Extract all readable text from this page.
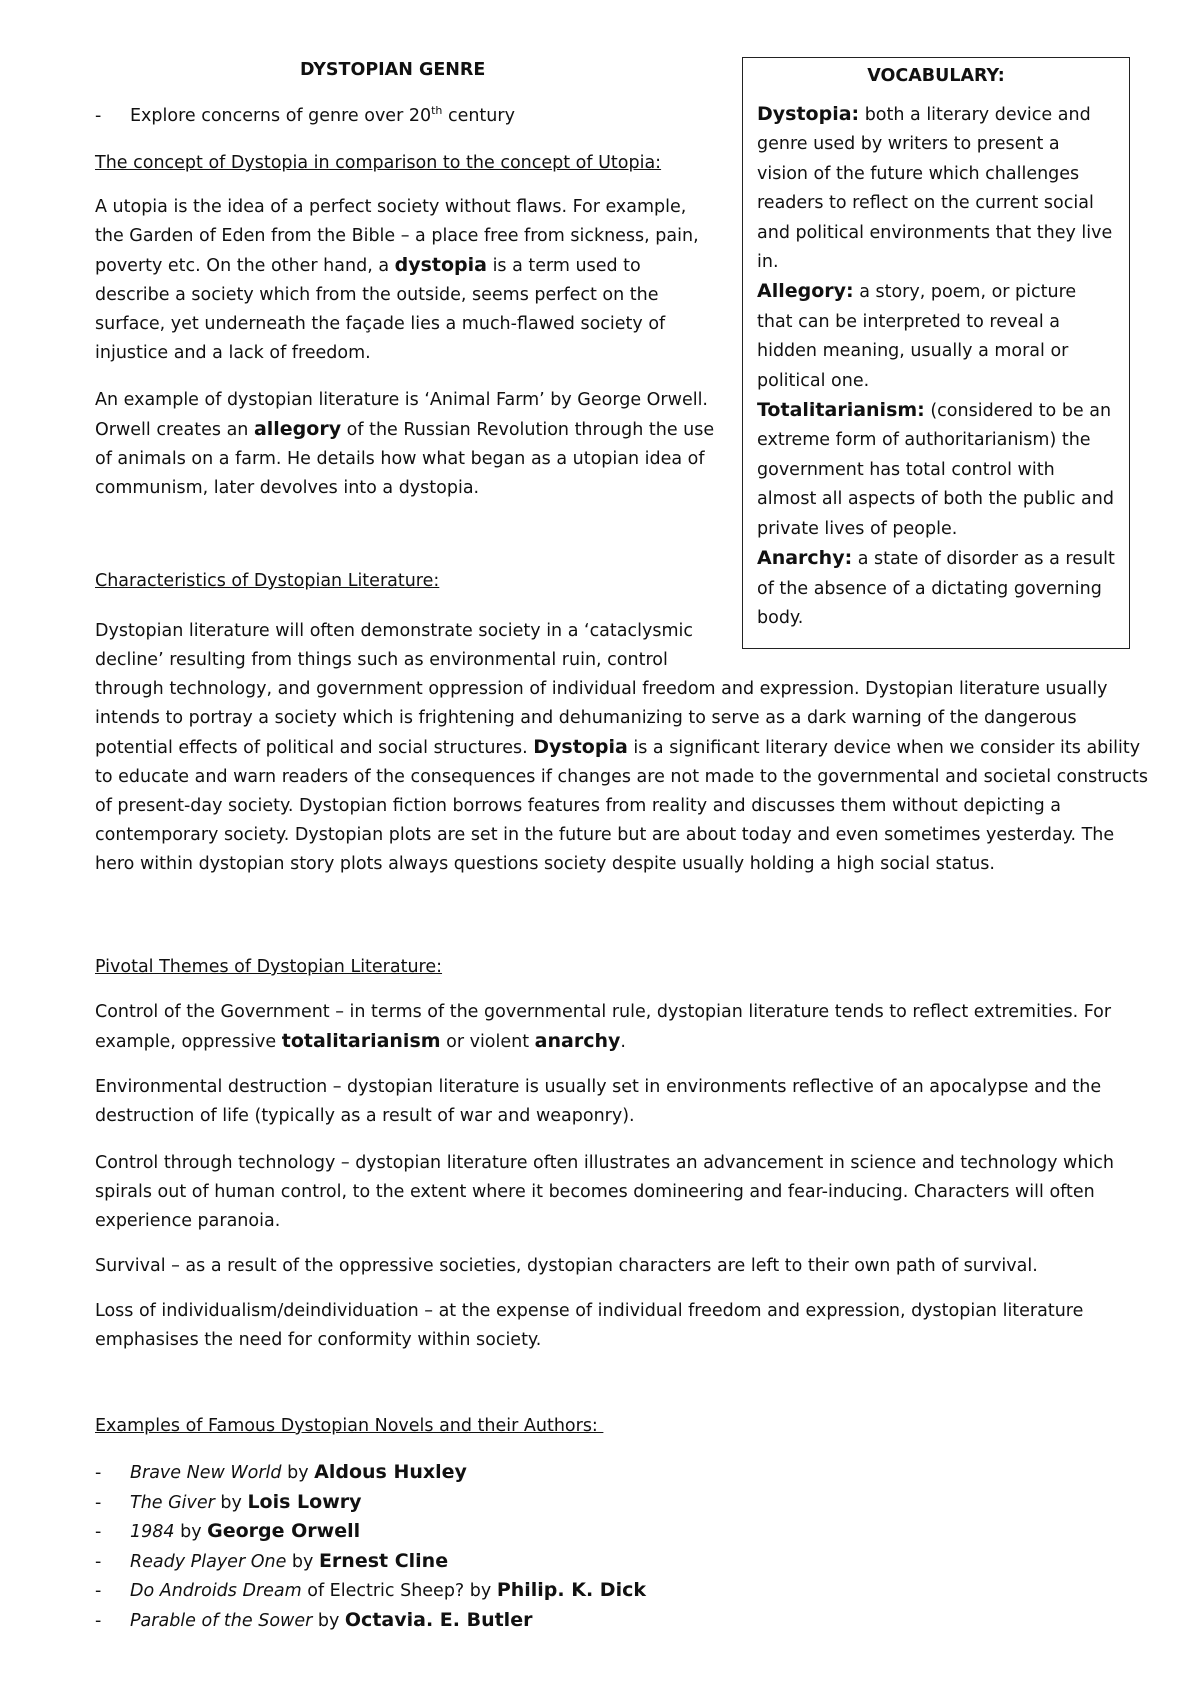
DYSTOPIAN GENRE
- Explore concerns of genre over 20th century
The concept of Dystopia in comparison to the concept of Utopia:
A utopia is the idea of a perfect society without flaws. For example, the Garden of Eden from the Bible – a place free from sickness, pain, poverty etc. On the other hand, a dystopia is a term used to describe a society which from the outside, seems perfect on the surface, yet underneath the façade lies a much-flawed society of injustice and a lack of freedom.
An example of dystopian literature is ‘Animal Farm’ by George Orwell. Orwell creates an allegory of the Russian Revolution through the use of animals on a farm. He details how what began as a utopian idea of communism, later devolves into a dystopia.
VOCABULARY:
Dystopia: both a literary device and genre used by writers to present a vision of the future which challenges readers to reflect on the current social and political environments that they live in.
Allegory: a story, poem, or picture that can be interpreted to reveal a hidden meaning, usually a moral or political one.
Totalitarianism: (considered to be an extreme form of authoritarianism) the government has total control with almost all aspects of both the public and private lives of people.
Anarchy: a state of disorder as a result of the absence of a dictating governing body.
Characteristics of Dystopian Literature:
Dystopian literature will often demonstrate society in a ‘cataclysmic
decline’ resulting from things such as environmental ruin, control
through technology, and government oppression of individual freedom and expression. Dystopian literature usually intends to portray a society which is frightening and dehumanizing to serve as a dark warning of the dangerous potential effects of political and social structures. Dystopia is a significant literary device when we consider its ability to educate and warn readers of the consequences if changes are not made to the governmental and societal constructs of present-day society. Dystopian fiction borrows features from reality and discusses them without depicting a contemporary society. Dystopian plots are set in the future but are about today and even sometimes yesterday. The hero within dystopian story plots always questions society despite usually holding a high social status.
Pivotal Themes of Dystopian Literature:
Control of the Government – in terms of the governmental rule, dystopian literature tends to reflect extremities. For example, oppressive totalitarianism or violent anarchy.
Environmental destruction – dystopian literature is usually set in environments reflective of an apocalypse and the destruction of life (typically as a result of war and weaponry).
Control through technology – dystopian literature often illustrates an advancement in science and technology which spirals out of human control, to the extent where it becomes domineering and fear-inducing. Characters will often experience paranoia.
Survival – as a result of the oppressive societies, dystopian characters are left to their own path of survival.
Loss of individualism/deindividuation – at the expense of individual freedom and expression, dystopian literature emphasises the need for conformity within society.
Examples of Famous Dystopian Novels and their Authors:
- Brave New World by Aldous Huxley
- The Giver by Lois Lowry
- 1984 by George Orwell
- Ready Player One by Ernest Cline
- Do Androids Dream of Electric Sheep? by Philip. K. Dick
- Parable of the Sower by Octavia. E. Butler
